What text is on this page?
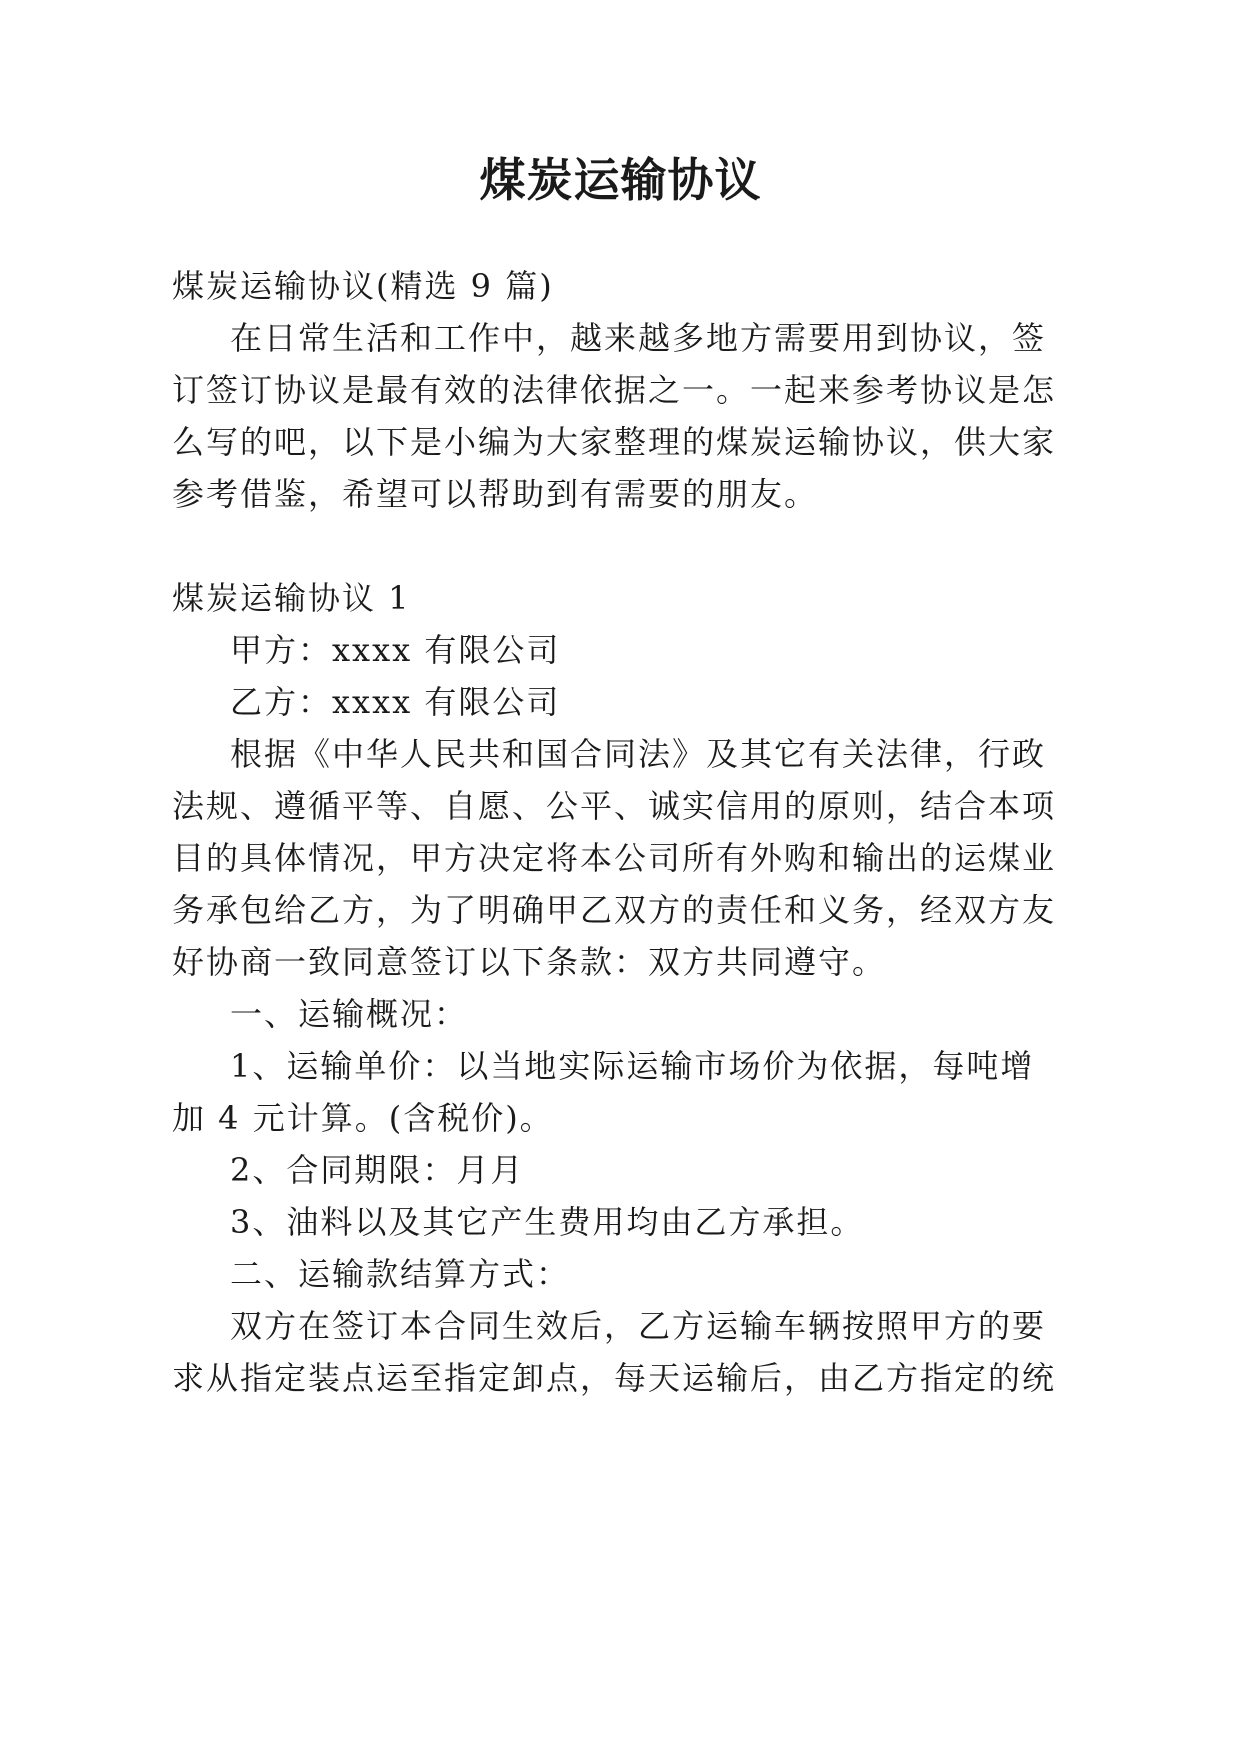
煤炭运输协议

煤炭运输协议(精选 9 篇)

在日常生活和工作中，越来越多地方需要用到协议，签

订签订协议是最有效的法律依据之一。一起来参考协议是怎

么写的吧，以下是小编为大家整理的煤炭运输协议，供大家

参考借鉴，希望可以帮助到有需要的朋友。

煤炭运输协议 1

甲方：xxxx 有限公司

乙方：xxxx 有限公司

根据《中华人民共和国合同法》及其它有关法律，行政

法规、遵循平等、自愿、公平、诚实信用的原则，结合本项

目的具体情况，甲方决定将本公司所有外购和输出的运煤业

务承包给乙方，为了明确甲乙双方的责任和义务，经双方友

好协商一致同意签订以下条款：双方共同遵守。

一、运输概况：

1、运输单价：以当地实际运输市场价为依据，每吨增

加 4 元计算。(含税价)。

2、合同期限：月月

3、油料以及其它产生费用均由乙方承担。

二、运输款结算方式：

双方在签订本合同生效后，乙方运输车辆按照甲方的要

求从指定装点运至指定卸点，每天运输后，由乙方指定的统
